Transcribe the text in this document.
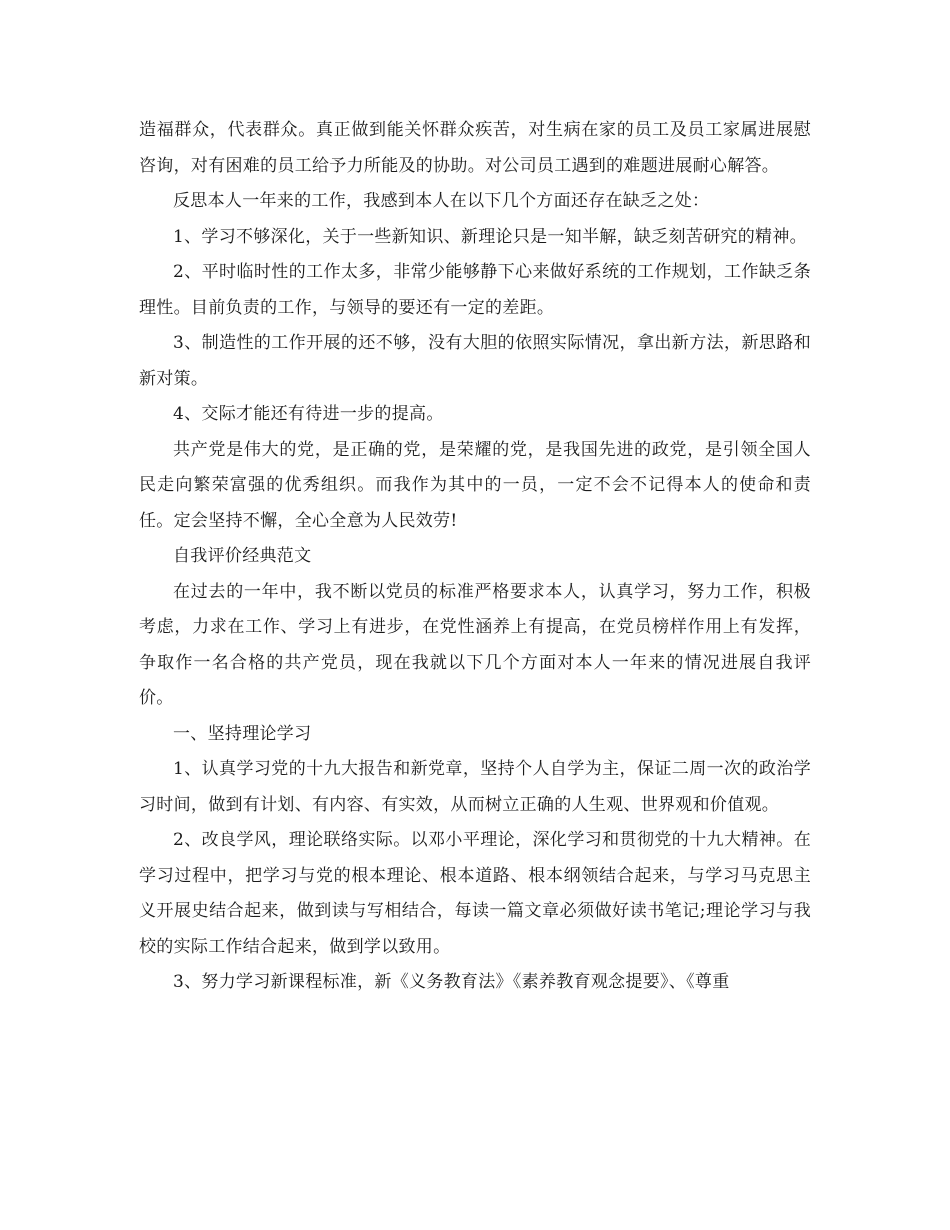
造福群众，代表群众。真正做到能关怀群众疾苦，对生病在家的员工及员工家属进展慰咨询，对有困难的员工给予力所能及的协助。对公司员工遇到的难题进展耐心解答。

反思本人一年来的工作，我感到本人在以下几个方面还存在缺乏之处：

1、学习不够深化，关于一些新知识、新理论只是一知半解，缺乏刻苦研究的精神。

2、平时临时性的工作太多，非常少能够静下心来做好系统的工作规划，工作缺乏条理性。目前负责的工作，与领导的要还有一定的差距。

3、制造性的工作开展的还不够，没有大胆的依照实际情况，拿出新方法，新思路和新对策。

4、交际才能还有待进一步的提高。

共产党是伟大的党，是正确的党，是荣耀的党，是我国先进的政党，是引领全国人民走向繁荣富强的优秀组织。而我作为其中的一员，一定不会不记得本人的使命和责任。定会坚持不懈，全心全意为人民效劳!

自我评价经典范文

在过去的一年中，我不断以党员的标准严格要求本人，认真学习，努力工作，积极考虑，力求在工作、学习上有进步，在党性涵养上有提高，在党员榜样作用上有发挥，争取作一名合格的共产党员，现在我就以下几个方面对本人一年来的情况进展自我评价。

一、坚持理论学习

1、认真学习党的十九大报告和新党章，坚持个人自学为主，保证二周一次的政治学习时间，做到有计划、有内容、有实效，从而树立正确的人生观、世界观和价值观。

2、改良学风，理论联络实际。以邓小平理论，深化学习和贯彻党的十九大精神。在学习过程中，把学习与党的根本理论、根本道路、根本纲领结合起来，与学习马克思主义开展史结合起来，做到读与写相结合，每读一篇文章必须做好读书笔记;理论学习与我校的实际工作结合起来，做到学以致用。

3、努力学习新课程标准，新《义务教育法》《素养教育观念提要》、《尊重
